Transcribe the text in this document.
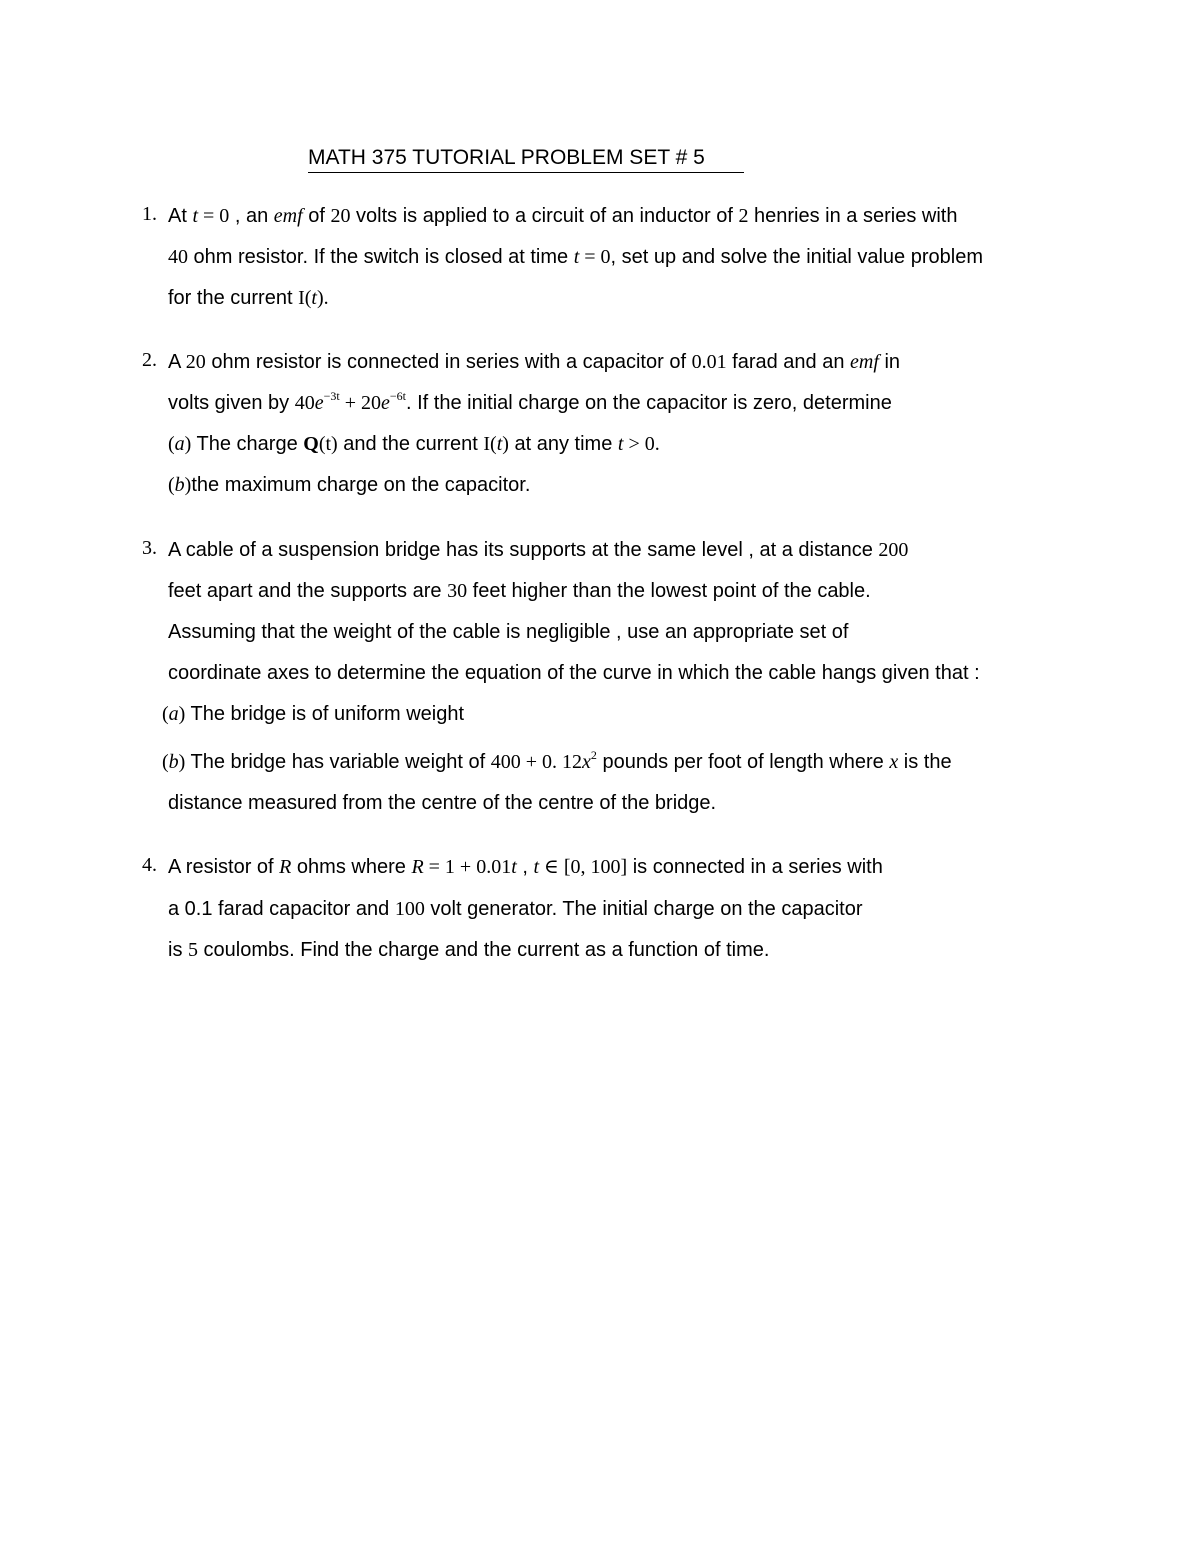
MATH 375 TUTORIAL PROBLEM SET # 5
1. At t = 0 , an emf of 20 volts is applied to a circuit of an inductor of 2 henries in a series with
40 ohm resistor. If the switch is closed at time t = 0, set up and solve the initial value problem
for the current I(t).
2. A 20 ohm resistor is connected in series with a capacitor of 0.01 farad and an emf in
volts given by $40e^{-3t} + 20e^{-6t}$. If the initial charge on the capacitor is zero, determine
(a) The charge Q(t) and the current I(t) at any time t > 0.
(b)the maximum charge on the capacitor.
3. A cable of a suspension bridge has its supports at the same level , at a distance 200
feet apart and the supports are 30 feet higher than the lowest point of the cable.
Assuming that the weight of the cable is negligible , use an appropriate set of
coordinate axes to determine the equation of the curve in which the cable hangs given that :
(a) The bridge is of uniform weight
(b) The bridge has variable weight of 400 + 0. $12x^2$ pounds per foot of length where x is the
distance measured from the centre of the centre of the bridge.
4. A resistor of R ohms where R = 1 + 0.01t , t ∈ [0, 100] is connected in a series with
a 0.1 farad capacitor and 100 volt generator. The initial charge on the capacitor
is 5 coulombs. Find the charge and the current as a function of time.
